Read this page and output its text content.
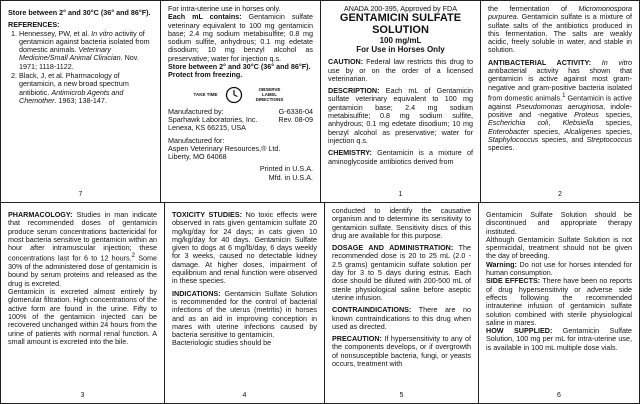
Store between 2° and 30°C (36° and 86°F).

REFERENCES:

1. Hennessey, PW, et al. In vitro activity of gentamicin against bacteria isolated from domestic animals. Veterinary Medicine/Small Animal Clinician. Nov. 1971; 1118-1122.
2. Black, J, et al. Pharmacology of gentamicin, a new broad spectrum antibiotic. Antimicrob Agents and Chemother. 1963; 138-147.
7

For intra-uterine use in horses only.

Each mL contains: Gentamicin sulfate veterinary equivalent to 100 mg gentamicin base; 2.4 mg sodium metabisulfite; 0.8 mg sodium sulfite, anhydrous; 0.1 mg edetate disodium; 10 mg benzyl alcohol as preservative; water for injection q.s.

Store between 2° and 30°C (36° and 86°F).

Protect from freezing.

TAKE TIME
OBSERVE LABEL DIRECTIONS

Manufactured by:

Sparhawk Laboratories, Inc.

Lenexa, KS 66215, USA

G-6336-04

Rev. 08-09

Manufactured for:

Aspen Veterinary Resources,® Ltd.

Liberty, MO 64068

Printed in U.S.A.

Mfd. in U.S.A.

ANADA 200-395, Approved by FDA

GENTAMICIN SULFATE SOLUTION
100 mg/mL
For Use in Horses Only

CAUTION: Federal law restricts this drug to use by or on the order of a licensed veterinarian.

DESCRIPTION: Each mL of Gentamicin sulfate veterinary equivalent to 100 mg gentamicin base; 2.4 mg sodium metabisulfite; 0.8 mg sodium sulfite, anhydrous; 0.1 mg edetate disodium; 10 mg benzyl alcohol as preservative; water for injection q.s.

CHEMISTRY: Gentamicin is a mixture of aminoglycoside antibiotics derived from

1

the fermentation of Micromonospora purpurea. Gentamicin sulfate is a mixture of sulfate salts of the antibiotics produced in this fermentation. The salts are weakly acidic, freely soluble in water, and stable in solution.

ANTIBACTERIAL ACTIVITY: In vitro antibacterial activity has shown that gentamicin is active against most gram-negative and gram-positive bacteria isolated from domestic animals.$^1$ Gentamicin is active against Pseudomonas aeruginosa, indole-positive and -negative Proteus species, Escherichia coli, Klebsiella species, Enterobacter species, Alcaligenes species, Staphylococcus species, and Streptococcus species.

2

PHARMACOLOGY: Studies in man indicate that recommended doses of gentamicin produce serum concentrations bactericidal for most bacteria sensitive to gentamicin within an hour after intramuscular injection; these concentrations last for 6 to 12 hours.$^2$ Some 30% of the administered dose of gentamicin is bound by serum proteins and released as the drug is excreted.

Gentamicin is excreted almost entirely by glomerular filtration. High concentrations of the active form are found in the urine. Fifty to 100% of the gentamicin injected can be recovered unchanged within 24 hours from the urine of patients with normal renal function. A small amount is excreted into the bile.

3

TOXICITY STUDIES: No toxic effects were observed in rats given gentamicin sulfate 20 mg/kg/day for 24 days; in cats given 10 mg/kg/day for 40 days. Gentamicin Sulfate given to dogs at 6 mg/lb/day, 6 days weekly for 3 weeks, caused no detectable kidney damage. At higher doses, impairment of equilibrium and renal function were observed in these species.

INDICATIONS: Gentamicin Sulfate Solution is recommended for the control of bacterial infections of the uterus (metritis) in horses and as an aid in improving conception in mares with uterine infections caused by bacteria sensitive to gentamicin.

Bacteriologic studies should be

4

conducted to identify the causative organism and to determine its sensitivity to gentamicin sulfate. Sensitivity discs of this drug are available for this purpose.

DOSAGE AND ADMINISTRATION: The recommended dose is 20 to 25 mL (2.0 - 2.5 grams) gentamicin sulfate solution per day for 3 to 5 days during estrus. Each dose should be diluted with 200-500 mL of sterile physiological saline before aseptic uterine infusion.

CONTRAINDICATIONS: There are no known contraindications to this drug when used as directed.

PRECAUTION: If hypersensitivity to any of the components develops, or if overgrowth of nonsusceptible bacteria, fungi, or yeasts occurs, treatment with

5

Gentamicin Sulfate Solution should be discontinued and appropriate therapy instituted.

Although Gentamicin Sulfate Solution is not spermicidal, treatment should not be given the day of breeding.

Warning: Do not use for horses intended for human consumption.

SIDE EFFECTS: There have been no reports of drug hypersensitivity or adverse side effects following the recommended intrauterine infusion of gentamicin sulfate solution combined with sterile physiological saline in mares.

HOW SUPPLIED: Gentamicin Sulfate Solution, 100 mg per mL for intra-uterine use, is available in 100 mL multiple dose vials.

6
